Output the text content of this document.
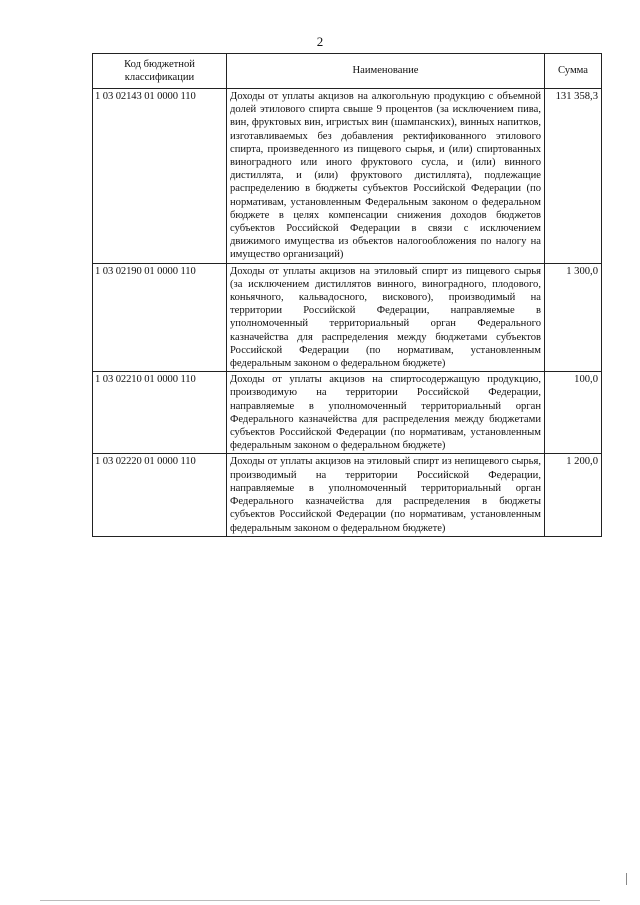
2
Код бюджетной классификации	Наименование	Сумма
1 03 02143 01 0000 110	Доходы от уплаты акцизов на алкогольную продукцию с объемной долей этилового спирта свыше 9 процентов (за исключением пива, вин, фруктовых вин, игристых вин (шампанских), винных напитков, изготавливаемых без добавления ректификованного этилового спирта, произведенного из пищевого сырья, и (или) спиртованных виноградного или иного фруктового сусла, и (или) винного дистиллята, и (или) фруктового дистиллята), подлежащие распределению в бюджеты субъектов Российской Федерации (по нормативам, установленным Федеральным законом о федеральном бюджете в целях компенсации снижения доходов бюджетов субъектов Российской Федерации в связи с исключением движимого имущества из объектов налогообложения по налогу на имущество организаций)	131 358,3
1 03 02190 01 0000 110	Доходы от уплаты акцизов на этиловый спирт из пищевого сырья (за исключением дистиллятов винного, виноградного, плодового, коньячного, кальвадосного, вискового), производимый на территории Российской Федерации, направляемые в уполномоченный территориальный орган Федерального казначейства для распределения между бюджетами субъектов Российской Федерации (по нормативам, установленным федеральным законом о федеральном бюджете)	1 300,0
1 03 02210 01 0000 110	Доходы от уплаты акцизов на спиртосодержащую продукцию, производимую на территории Российской Федерации, направляемые в уполномоченный территориальный орган Федерального казначейства для распределения между бюджетами субъектов Российской Федерации (по нормативам, установленным федеральным законом о федеральном бюджете)	100,0
1 03 02220 01 0000 110	Доходы от уплаты акцизов на этиловый спирт из непищевого сырья, производимый на территории Российской Федерации, направляемые в уполномоченный территориальный орган Федерального казначейства для распределения в бюджеты субъектов Российской Федерации (по нормативам, установленным федеральным законом о федеральном бюджете)	1 200,0
